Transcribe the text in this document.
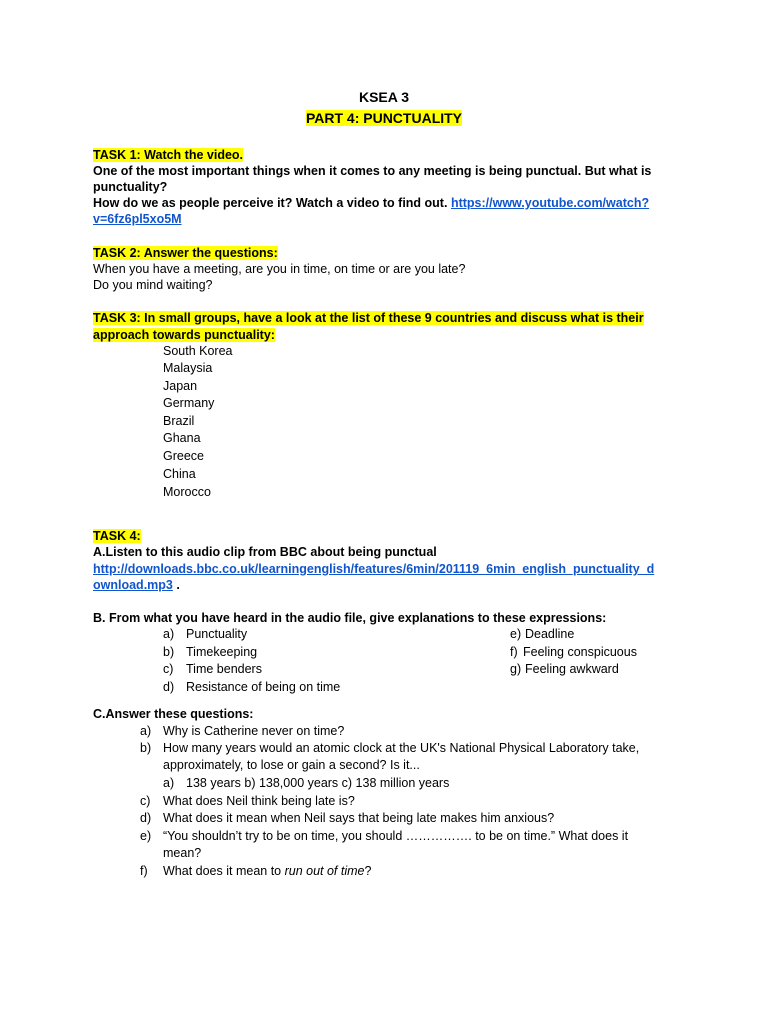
KSEA 3
PART 4: PUNCTUALITY
TASK 1: Watch the video.
One of the most important things when it comes to any meeting is being punctual. But what is
punctuality?
How do we as people perceive it? Watch a video to find out. https://www.youtube.com/watch?
v=6fz6pl5xo5M
TASK 2: Answer the questions:
When you have a meeting, are you in time, on time or are you late?
Do you mind waiting?
TASK 3: In small groups, have a look at the list of these 9 countries and discuss what is their
approach towards punctuality:
South Korea
Malaysia
Japan
Germany
Brazil
Ghana
Greece
China
Morocco
TASK 4:
A.Listen to this audio clip from BBC about being punctual
http://downloads.bbc.co.uk/learningenglish/features/6min/201119_6min_english_punctuality_d
ownload.mp3 .
B. From what you have heard in the audio file, give explanations to these expressions:
a) Punctuality
b) Timekeeping
c) Time benders
d) Resistance of being on time
e) Deadline
f) Feeling conspicuous
g) Feeling awkward
C.Answer these questions:
a) Why is Catherine never on time?
b) How many years would an atomic clock at the UK's National Physical Laboratory take,
approximately, to lose or gain a second? Is it...
a) 138 years b) 138,000 years c) 138 million years
c) What does Neil think being late is?
d) What does it mean when Neil says that being late makes him anxious?
e) “You shouldn’t try to be on time, you should ……………. to be on time.” What does it
mean?
f) What does it mean to run out of time?
